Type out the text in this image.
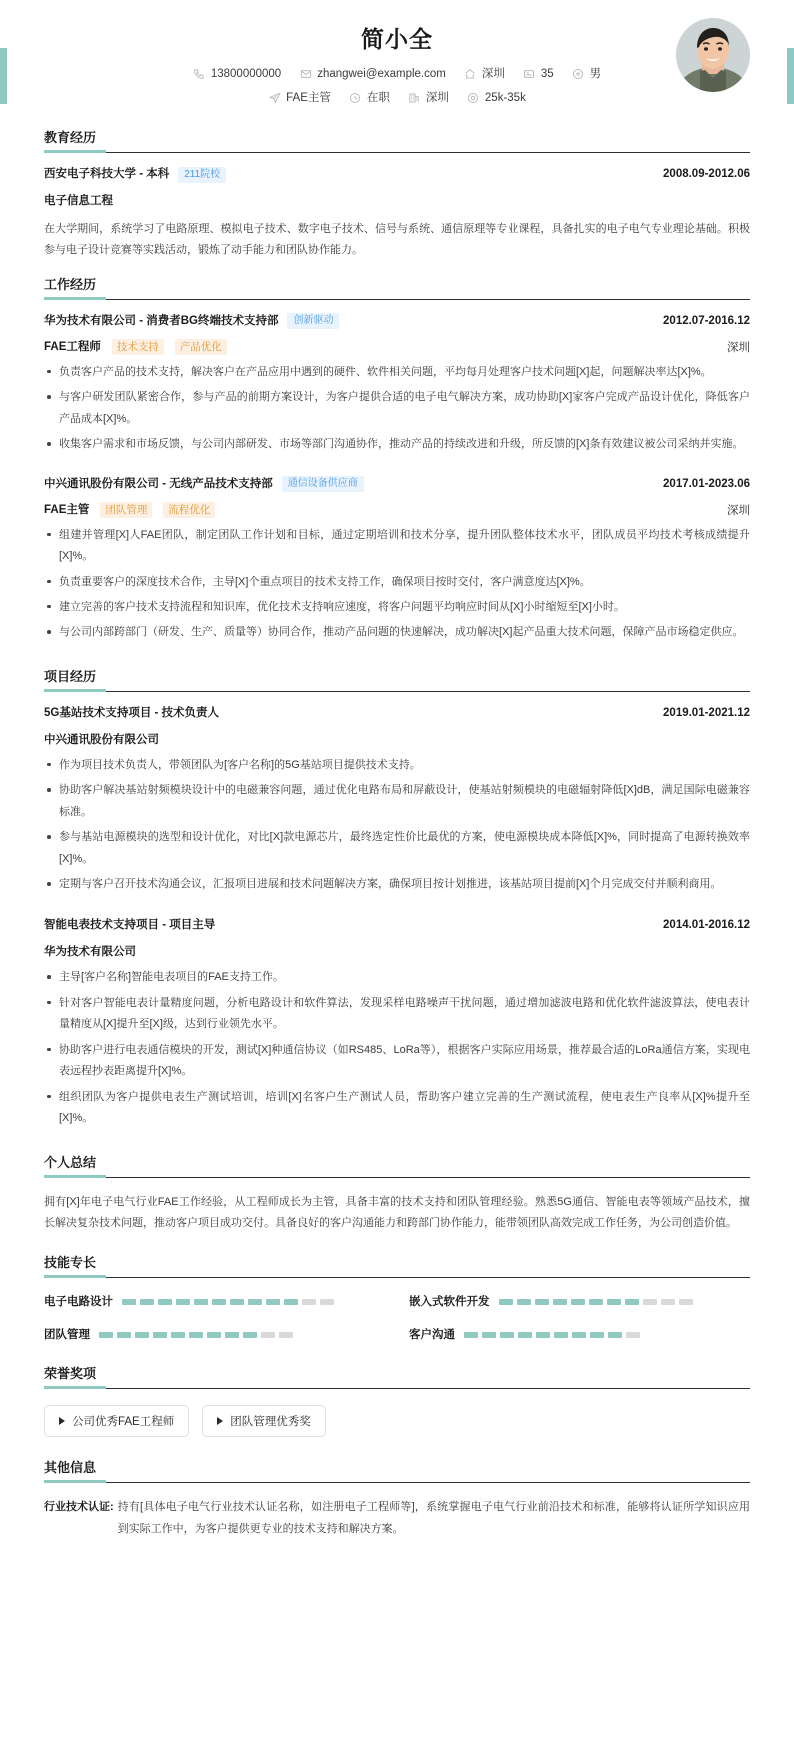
简小全
13800000000	zhangwei@example.com	深圳	35	男
FAE主管	在职	深圳	25k-35k
教育经历
西安电子科技大学 - 本科	211院校	2008.09-2012.06
电子信息工程
在大学期间，系统学习了电路原理、模拟电子技术、数字电子技术、信号与系统、通信原理等专业课程，具备扎实的电子电气专业理论基础。积极参与电子设计竞赛等实践活动，锻炼了动手能力和团队协作能力。
工作经历
华为技术有限公司 - 消费者BG终端技术支持部	创新驱动	2012.07-2016.12
FAE工程师	技术支持	产品优化	深圳
负责客户产品的技术支持，解决客户在产品应用中遇到的硬件、软件相关问题，平均每月处理客户技术问题[X]起，问题解决率达[X]%。
与客户研发团队紧密合作，参与产品的前期方案设计，为客户提供合适的电子电气解决方案，成功协助[X]家客户完成产品设计优化，降低客户产品成本[X]%。
收集客户需求和市场反馈，与公司内部研发、市场等部门沟通协作，推动产品的持续改进和升级，所反馈的[X]条有效建议被公司采纳并实施。
中兴通讯股份有限公司 - 无线产品技术支持部	通信设备供应商	2017.01-2023.06
FAE主管	团队管理	流程优化	深圳
组建并管理[X]人FAE团队，制定团队工作计划和目标，通过定期培训和技术分享，提升团队整体技术水平，团队成员平均技术考核成绩提升[X]%。
负责重要客户的深度技术合作，主导[X]个重点项目的技术支持工作，确保项目按时交付，客户满意度达[X]%。
建立完善的客户技术支持流程和知识库，优化技术支持响应速度，将客户问题平均响应时间从[X]小时缩短至[X]小时。
与公司内部跨部门（研发、生产、质量等）协同合作，推动产品问题的快速解决，成功解决[X]起产品重大技术问题，保障产品市场稳定供应。
项目经历
5G基站技术支持项目 - 技术负责人	2019.01-2021.12
中兴通讯股份有限公司
作为项目技术负责人，带领团队为[客户名称]的5G基站项目提供技术支持。
协助客户解决基站射频模块设计中的电磁兼容问题，通过优化电路布局和屏蔽设计，使基站射频模块的电磁辐射降低[X]dB，满足国际电磁兼容标准。
参与基站电源模块的选型和设计优化，对比[X]款电源芯片，最终选定性价比最优的方案，使电源模块成本降低[X]%，同时提高了电源转换效率[X]%。
定期与客户召开技术沟通会议，汇报项目进展和技术问题解决方案，确保项目按计划推进，该基站项目提前[X]个月完成交付并顺利商用。
智能电表技术支持项目 - 项目主导	2014.01-2016.12
华为技术有限公司
主导[客户名称]智能电表项目的FAE支持工作。
针对客户智能电表计量精度问题，分析电路设计和软件算法，发现采样电路噪声干扰问题，通过增加滤波电路和优化软件滤波算法，使电表计量精度从[X]提升至[X]级，达到行业领先水平。
协助客户进行电表通信模块的开发，测试[X]种通信协议（如RS485、LoRa等），根据客户实际应用场景，推荐最合适的LoRa通信方案，实现电表远程抄表距离提升[X]%。
组织团队为客户提供电表生产测试培训，培训[X]名客户生产测试人员，帮助客户建立完善的生产测试流程，使电表生产良率从[X]%提升至[X]%。
个人总结
拥有[X]年电子电气行业FAE工作经验，从工程师成长为主管，具备丰富的技术支持和团队管理经验。熟悉5G通信、智能电表等领域产品技术，擅长解决复杂技术问题，推动客户项目成功交付。具备良好的客户沟通能力和跨部门协作能力，能带领团队高效完成工作任务，为公司创造价值。
技能专长
电子电路设计	嵌入式软件开发
团队管理	客户沟通
荣誉奖项
公司优秀FAE工程师	团队管理优秀奖
其他信息
行业技术认证: 持有[具体电子电气行业技术认证名称，如注册电子工程师等]，系统掌握电子电气行业前沿技术和标准，能够将认证所学知识应用到实际工作中，为客户提供更专业的技术支持和解决方案。
